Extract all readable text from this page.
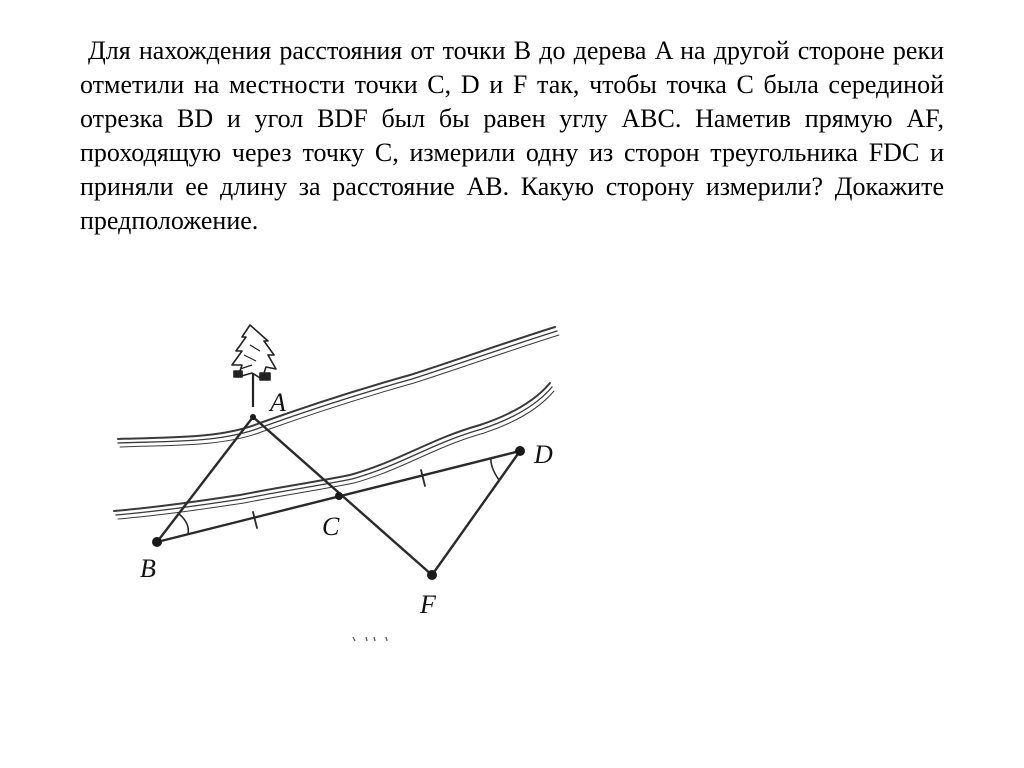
Для нахождения расстояния от точки B до дерева A на другой стороне реки отметили на местности точки C, D и F так, чтобы точка C была серединой отрезка BD и угол BDF был бы равен углу ABC. Наметив прямую AF, проходящую через точку C, измерили одну из сторон треугольника FDC и приняли ее длину за расстояние AB. Какую сторону измерили? Докажите предположение.

A
B
C
D
F
